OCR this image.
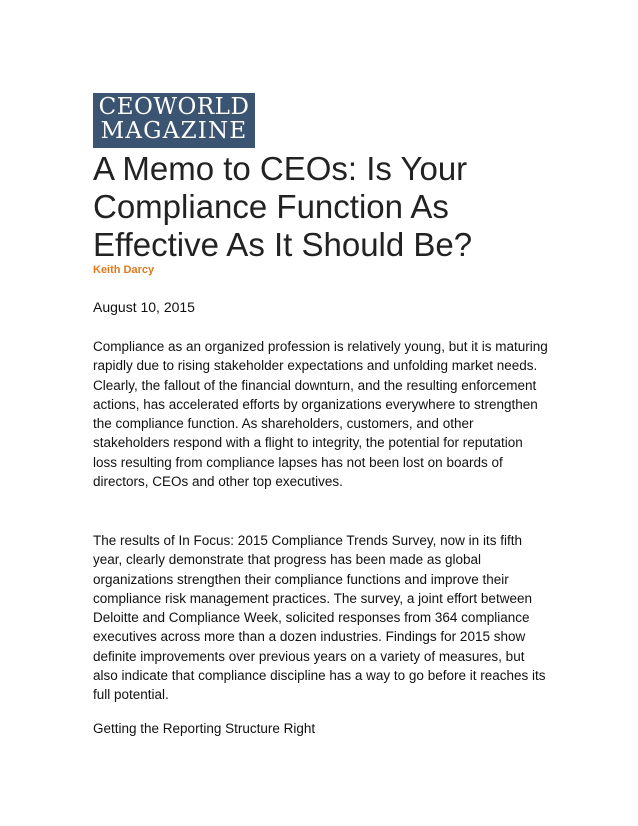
CEOWORLD
MAGAZINE
A Memo to CEOs: Is Your Compliance Function As Effective As It Should Be?
Keith Darcy
August 10, 2015

Compliance as an organized profession is relatively young, but it is maturing rapidly due to rising stakeholder expectations and unfolding market needs. Clearly, the fallout of the financial downturn, and the resulting enforcement actions, has accelerated efforts by organizations everywhere to strengthen the compliance function. As shareholders, customers, and other stakeholders respond with a flight to integrity, the potential for reputation loss resulting from compliance lapses has not been lost on boards of directors, CEOs and other top executives.

The results of In Focus: 2015 Compliance Trends Survey, now in its fifth year, clearly demonstrate that progress has been made as global organizations strengthen their compliance functions and improve their compliance risk management practices. The survey, a joint effort between Deloitte and Compliance Week, solicited responses from 364 compliance executives across more than a dozen industries. Findings for 2015 show definite improvements over previous years on a variety of measures, but also indicate that compliance discipline has a way to go before it reaches its full potential.

Getting the Reporting Structure Right
